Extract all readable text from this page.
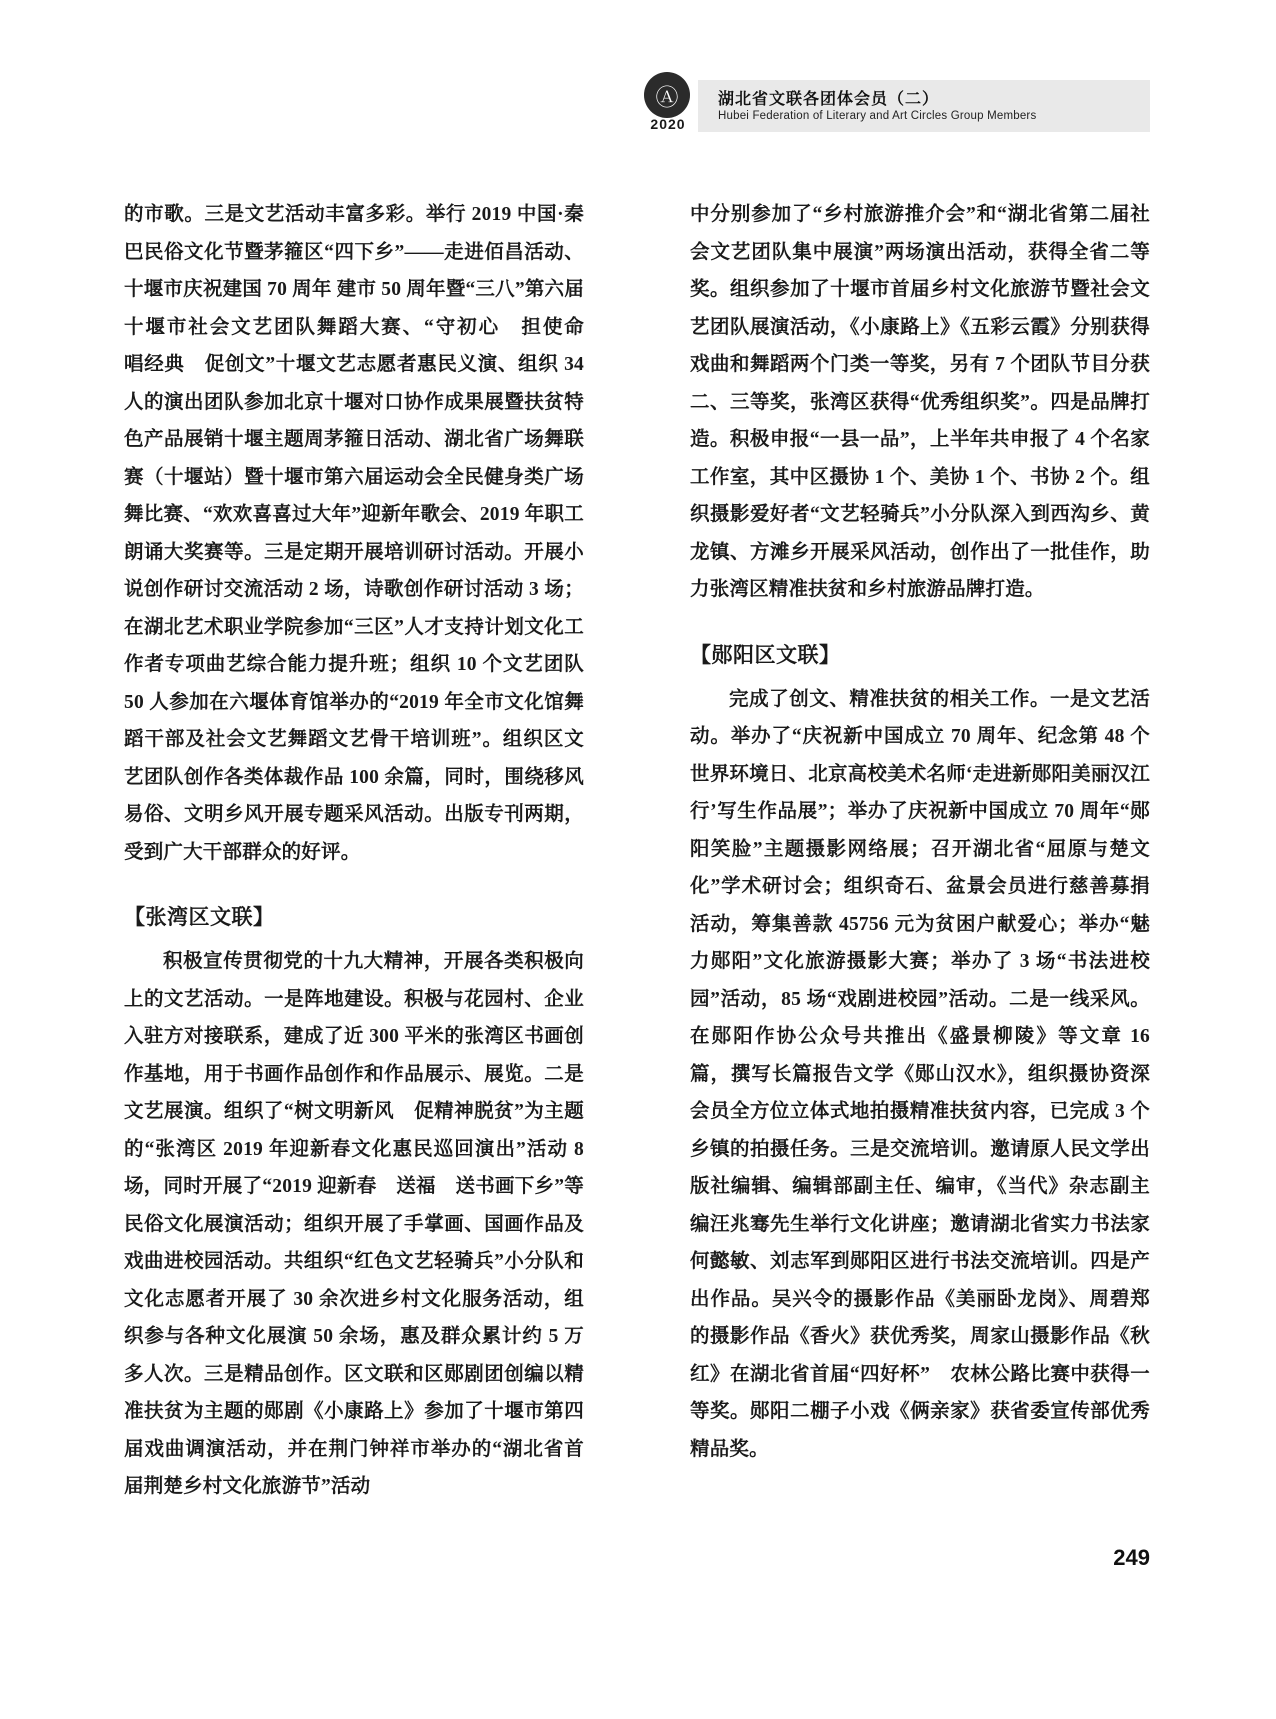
Ⓐ
2020
湖北省文联各团体会员（二）
Hubei Federation of Literary and Art Circles Group Members

的市歌。三是文艺活动丰富多彩。举行 2019 中国·秦巴民俗文化节暨茅箍区“四下乡”——走进佰昌活动、十堰市庆祝建国 70 周年 建市 50 周年暨“三八”第六届十堰市社会文艺团队舞蹈大赛、“守初心　担使命　唱经典　促创文”十堰文艺志愿者惠民义演、组织 34 人的演出团队参加北京十堰对口协作成果展暨扶贫特色产品展销十堰主题周茅箍日活动、湖北省广场舞联赛（十堰站）暨十堰市第六届运动会全民健身类广场舞比赛、“欢欢喜喜过大年”迎新年歌会、2019 年职工朗诵大奖赛等。三是定期开展培训研讨活动。开展小说创作研讨交流活动 2 场，诗歌创作研讨活动 3 场；在湖北艺术职业学院参加“三区”人才支持计划文化工作者专项曲艺综合能力提升班；组织 10 个文艺团队 50 人参加在六堰体育馆举办的“2019 年全市文化馆舞蹈干部及社会文艺舞蹈文艺骨干培训班”。组织区文艺团队创作各类体裁作品 100 余篇，同时，围绕移风易俗、文明乡风开展专题采风活动。出版专刊两期，受到广大干部群众的好评。

【张湾区文联】

积极宣传贯彻党的十九大精神，开展各类积极向上的文艺活动。一是阵地建设。积极与花园村、企业入驻方对接联系，建成了近 300 平米的张湾区书画创作基地，用于书画作品创作和作品展示、展览。二是文艺展演。组织了“树文明新风　促精神脱贫”为主题的“张湾区 2019 年迎新春文化惠民巡回演出”活动 8 场，同时开展了“2019 迎新春　送福　送书画下乡”等民俗文化展演活动；组织开展了手掌画、国画作品及戏曲进校园活动。共组织“红色文艺轻骑兵”小分队和文化志愿者开展了 30 余次进乡村文化服务活动，组织参与各种文化展演 50 余场，惠及群众累计约 5 万多人次。三是精品创作。区文联和区郧剧团创编以精准扶贫为主题的郧剧《小康路上》参加了十堰市第四届戏曲调演活动，并在荆门钟祥市举办的“湖北省首届荆楚乡村文化旅游节”活动

中分别参加了“乡村旅游推介会”和“湖北省第二届社会文艺团队集中展演”两场演出活动，获得全省二等奖。组织参加了十堰市首届乡村文化旅游节暨社会文艺团队展演活动，《小康路上》《五彩云霞》分别获得戏曲和舞蹈两个门类一等奖，另有 7 个团队节目分获二、三等奖，张湾区获得“优秀组织奖”。四是品牌打造。积极申报“一县一品”，上半年共申报了 4 个名家工作室，其中区摄协 1 个、美协 1 个、书协 2 个。组织摄影爱好者“文艺轻骑兵”小分队深入到西沟乡、黄龙镇、方滩乡开展采风活动，创作出了一批佳作，助力张湾区精准扶贫和乡村旅游品牌打造。

【郧阳区文联】

完成了创文、精准扶贫的相关工作。一是文艺活动。举办了“庆祝新中国成立 70 周年、纪念第 48 个世界环境日、北京高校美术名师‘走进新郧阳美丽汉江行’写生作品展”；举办了庆祝新中国成立 70 周年“郧阳笑脸”主题摄影网络展；召开湖北省“屈原与楚文化”学术研讨会；组织奇石、盆景会员进行慈善募捐活动，筹集善款 45756 元为贫困户献爱心；举办“魅力郧阳”文化旅游摄影大赛；举办了 3 场“书法进校园”活动，85 场“戏剧进校园”活动。二是一线采风。在郧阳作协公众号共推出《盛景柳陵》等文章 16 篇，撰写长篇报告文学《郧山汉水》，组织摄协资深会员全方位立体式地拍摄精准扶贫内容，已完成 3 个乡镇的拍摄任务。三是交流培训。邀请原人民文学出版社编辑、编辑部副主任、编审，《当代》杂志副主编汪兆骞先生举行文化讲座；邀请湖北省实力书法家何懿敏、刘志军到郧阳区进行书法交流培训。四是产出作品。吴兴令的摄影作品《美丽卧龙岗》、周碧郑的摄影作品《香火》获优秀奖，周家山摄影作品《秋红》在湖北省首届“四好杯”　农林公路比赛中获得一等奖。郧阳二棚子小戏《俩亲家》获省委宣传部优秀精品奖。

249
